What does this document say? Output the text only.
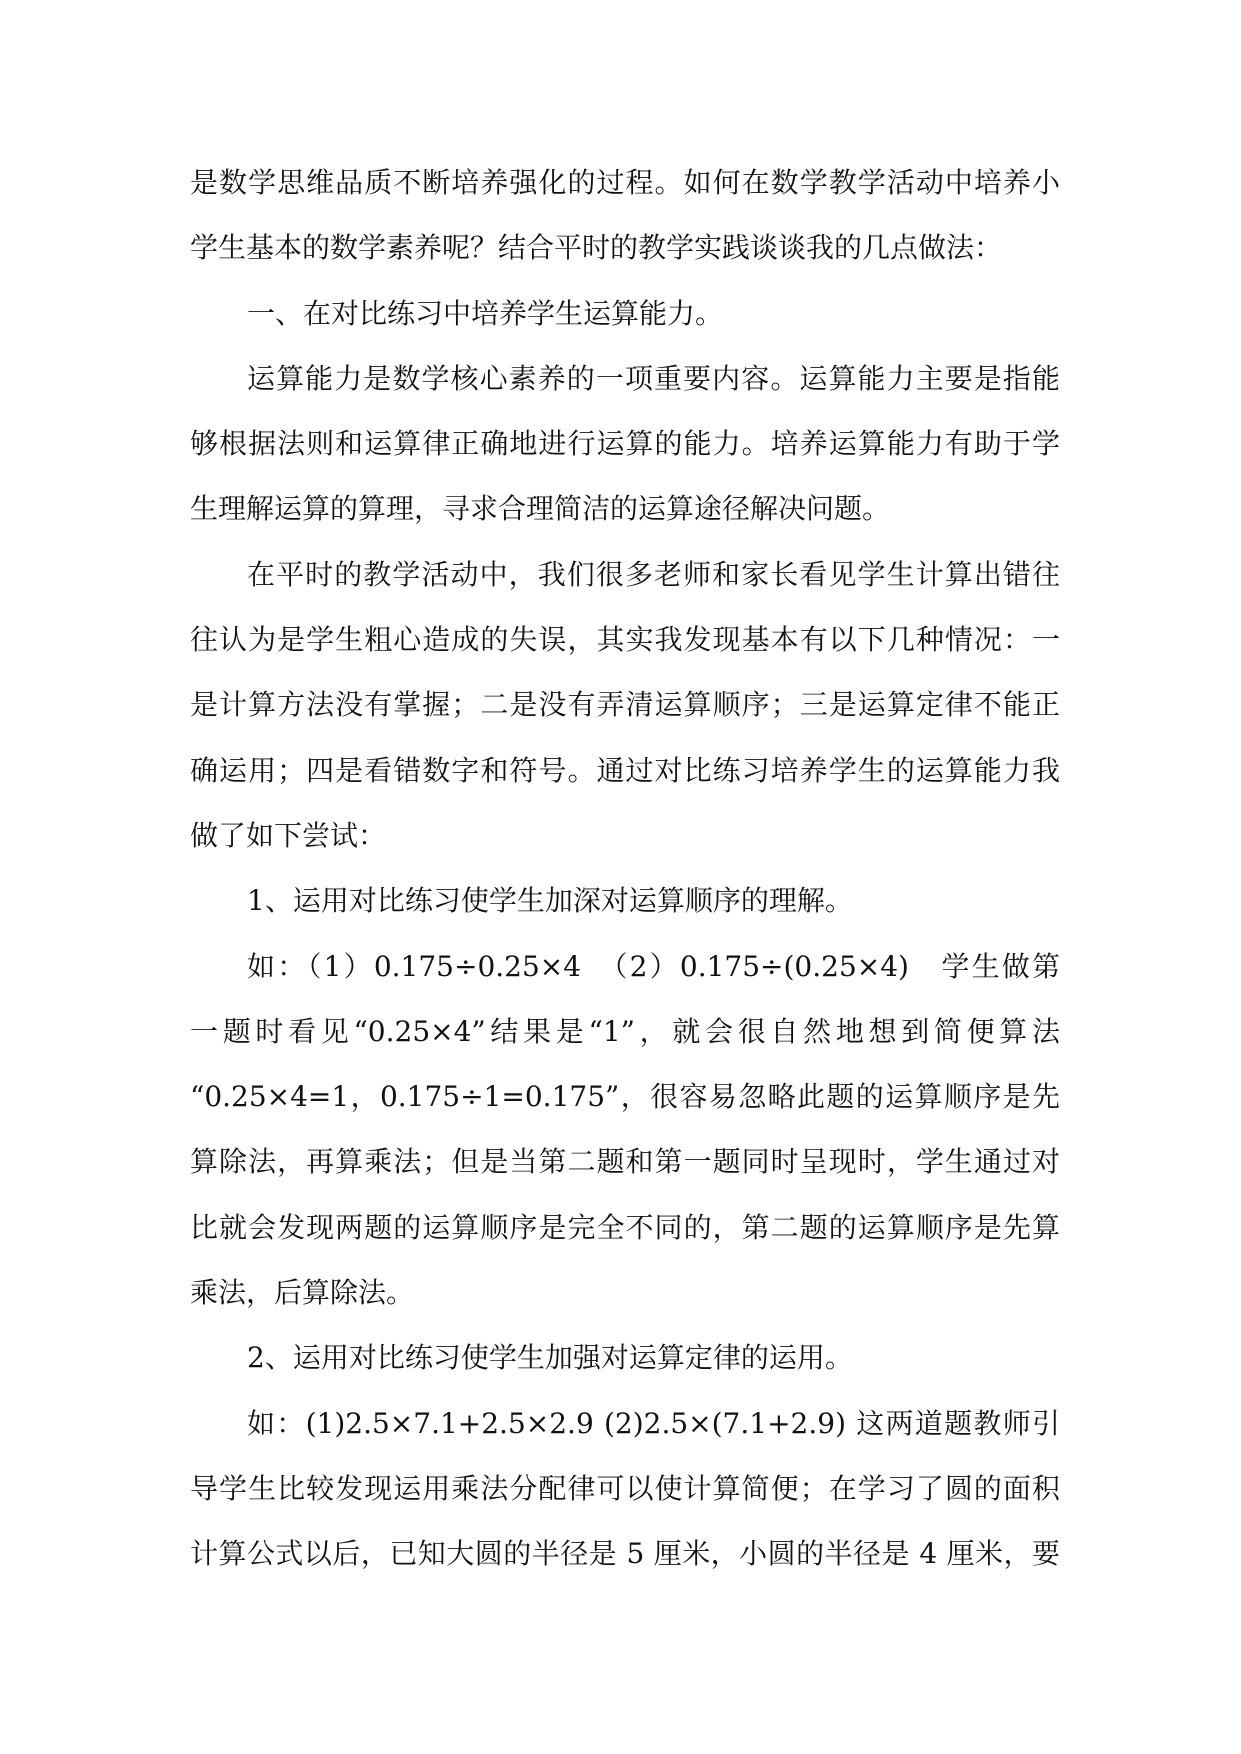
是数学思维品质不断培养强化的过程。如何在数学教学活动中培养小
学生基本的数学素养呢？结合平时的教学实践谈谈我的几点做法：
一、在对比练习中培养学生运算能力。
运算能力是数学核心素养的一项重要内容。运算能力主要是指能
够根据法则和运算律正确地进行运算的能力。培养运算能力有助于学
生理解运算的算理，寻求合理简洁的运算途径解决问题。
在平时的教学活动中，我们很多老师和家长看见学生计算出错往
往认为是学生粗心造成的失误，其实我发现基本有以下几种情况：一
是计算方法没有掌握；二是没有弄清运算顺序；三是运算定律不能正
确运用；四是看错数字和符号。通过对比练习培养学生的运算能力我
做了如下尝试：
1、运用对比练习使学生加深对运算顺序的理解。
如：（1）0.175÷0.25×4　（2）0.175÷(0.25×4)　学生做第
一题时看见“0.25×4”结果是“1”，就会很自然地想到简便算法
“0.25×4=1，0.175÷1=0.175”，很容易忽略此题的运算顺序是先
算除法，再算乘法；但是当第二题和第一题同时呈现时，学生通过对
比就会发现两题的运算顺序是完全不同的，第二题的运算顺序是先算
乘法，后算除法。
2、运用对比练习使学生加强对运算定律的运用。
如：(1)2.5×7.1+2.5×2.9 (2)2.5×(7.1+2.9) 这两道题教师引
导学生比较发现运用乘法分配律可以使计算简便；在学习了圆的面积
计算公式以后，已知大圆的半径是 5 厘米，小圆的半径是 4 厘米，要
